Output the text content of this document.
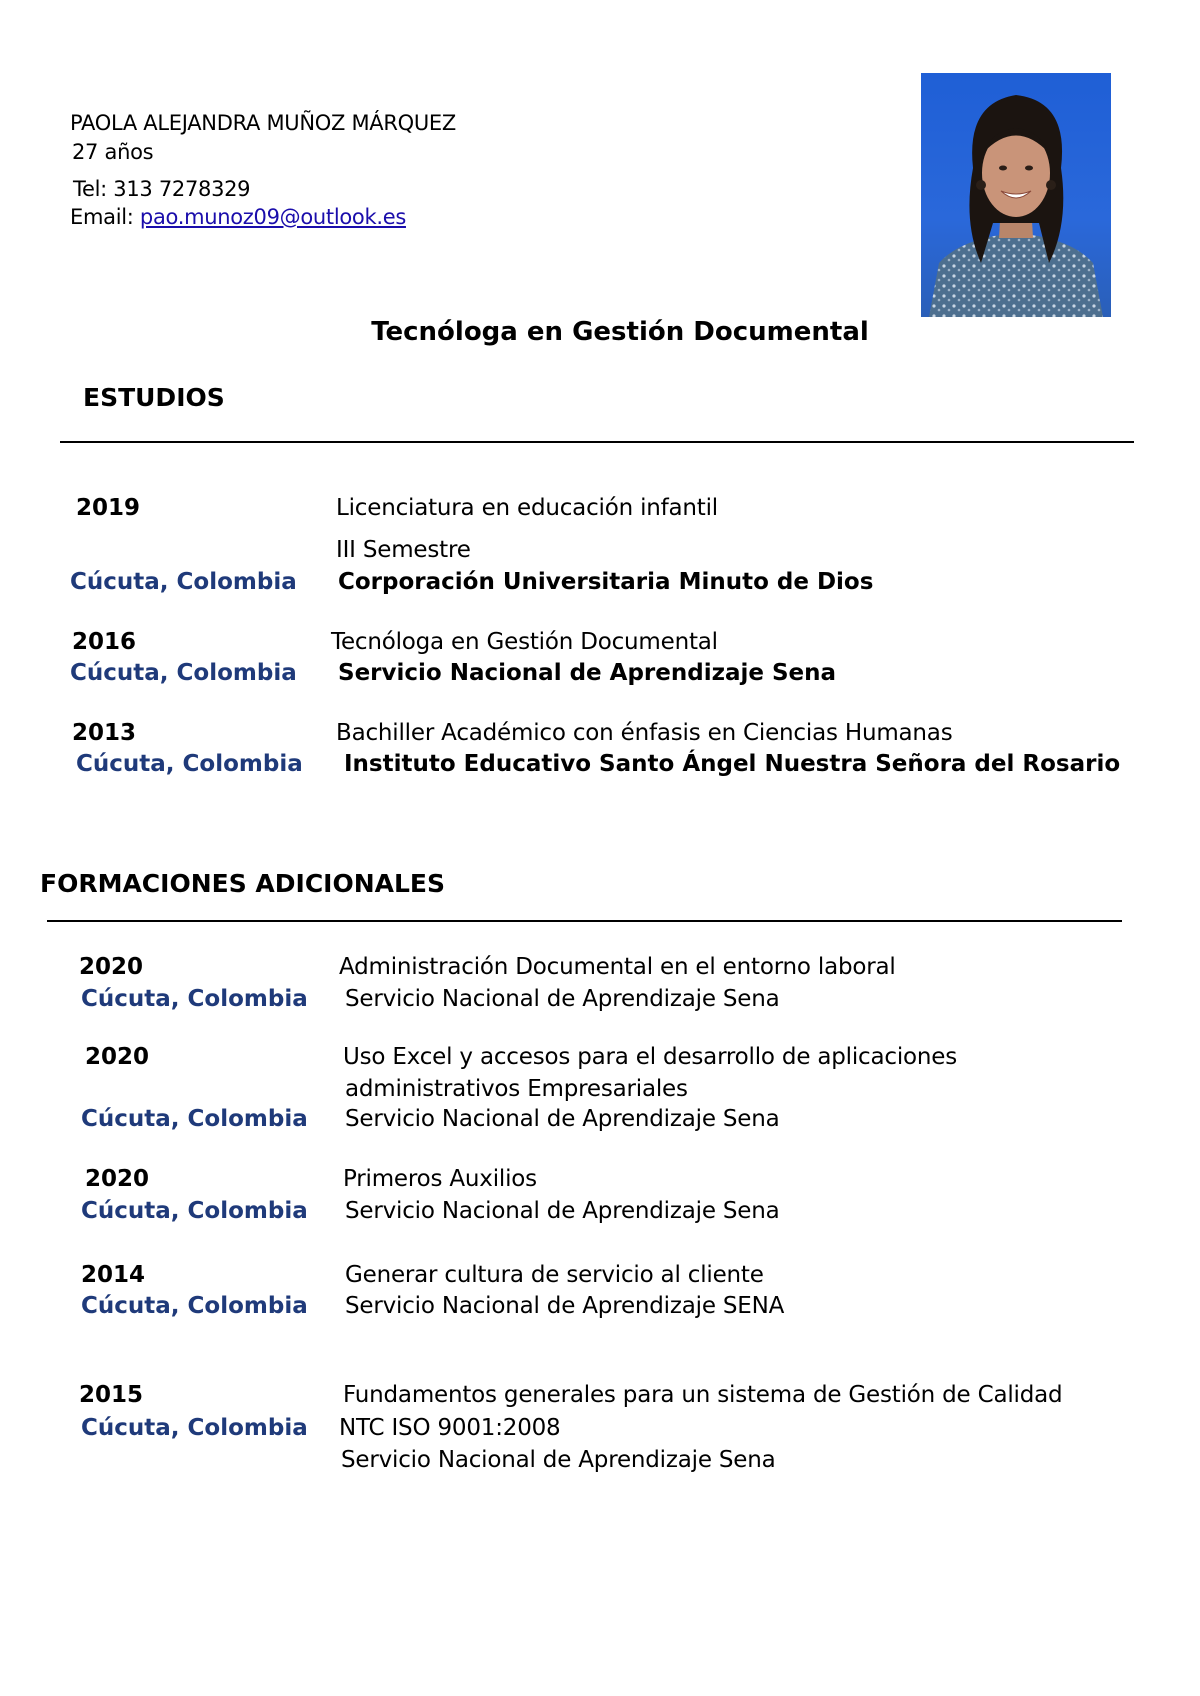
PAOLA ALEJANDRA MUÑOZ MÁRQUEZ
27 años
Tel: 313 7278329
Email: pao.munoz09@outlook.es
Tecnóloga en Gestión Documental
ESTUDIOS
2019	Licenciatura en educación infantil
III Semestre
Cúcuta, Colombia Corporación Universitaria Minuto de Dios
2016	Tecnóloga en Gestión Documental
Cúcuta, Colombia Servicio Nacional de Aprendizaje Sena
2013	Bachiller Académico con énfasis en Ciencias Humanas
Cúcuta, Colombia Instituto Educativo Santo Ángel Nuestra Señora del Rosario
FORMACIONES ADICIONALES
2020	Administración Documental en el entorno laboral
Cúcuta, Colombia Servicio Nacional de Aprendizaje Sena
2020	Uso Excel y accesos para el desarrollo de aplicaciones
administrativos Empresariales
Cúcuta, Colombia Servicio Nacional de Aprendizaje Sena
2020	Primeros Auxilios
Cúcuta, Colombia Servicio Nacional de Aprendizaje Sena
2014	Generar cultura de servicio al cliente
Cúcuta, Colombia Servicio Nacional de Aprendizaje SENA
2015	Fundamentos generales para un sistema de Gestión de Calidad
NTC ISO 9001:2008
Cúcuta, Colombia
Servicio Nacional de Aprendizaje Sena
